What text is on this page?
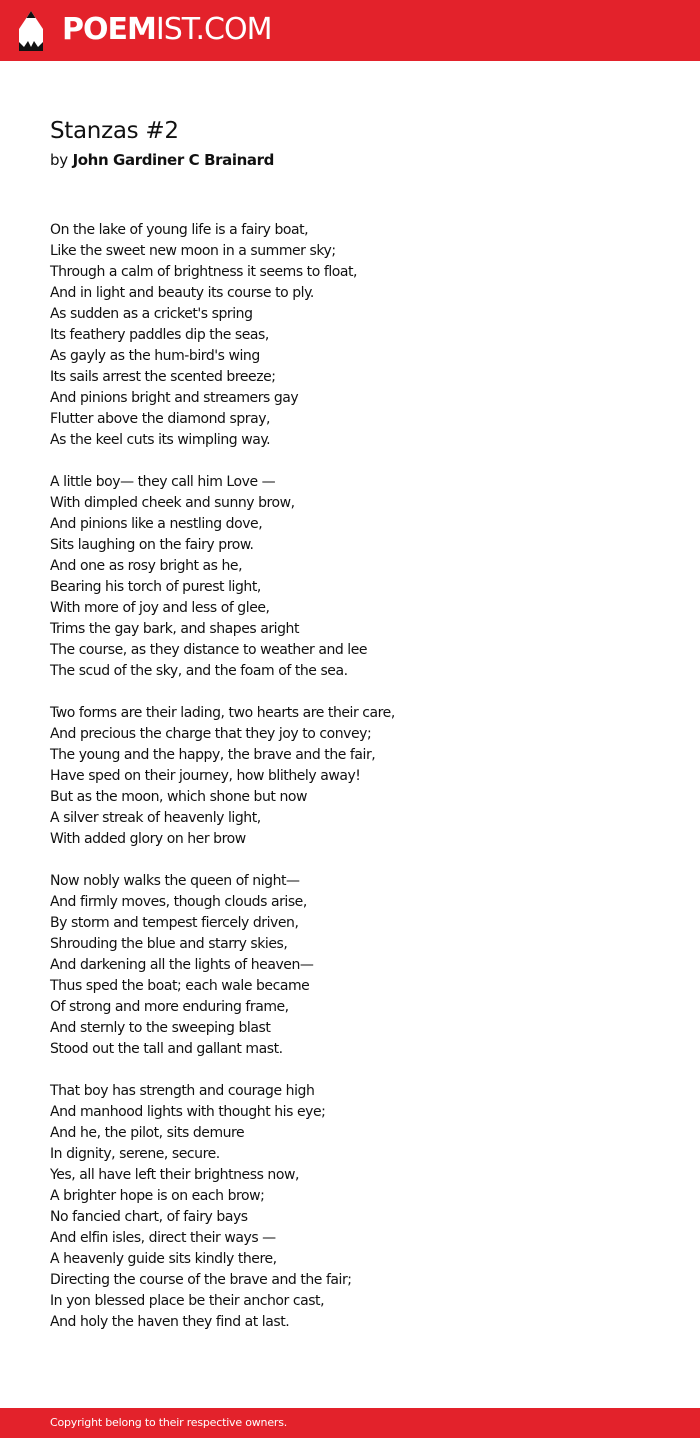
POEMIST.COM
Stanzas #2
by John Gardiner C Brainard
On the lake of young life is a fairy boat,
Like the sweet new moon in a summer sky;
Through a calm of brightness it seems to float,
And in light and beauty its course to ply.
As sudden as a cricket's spring
Its feathery paddles dip the seas,
As gayly as the hum-bird's wing
Its sails arrest the scented breeze;
And pinions bright and streamers gay
Flutter above the diamond spray,
As the keel cuts its wimpling way.
A little boy— they call him Love —
With dimpled cheek and sunny brow,
And pinions like a nestling dove,
Sits laughing on the fairy prow.
And one as rosy bright as he,
Bearing his torch of purest light,
With more of joy and less of glee,
Trims the gay bark, and shapes aright
The course, as they distance to weather and lee
The scud of the sky, and the foam of the sea.
Two forms are their lading, two hearts are their care,
And precious the charge that they joy to convey;
The young and the happy, the brave and the fair,
Have sped on their journey, how blithely away!
But as the moon, which shone but now
A silver streak of heavenly light,
With added glory on her brow
Now nobly walks the queen of night—
And firmly moves, though clouds arise,
By storm and tempest fiercely driven,
Shrouding the blue and starry skies,
And darkening all the lights of heaven—
Thus sped the boat; each wale became
Of strong and more enduring frame,
And sternly to the sweeping blast
Stood out the tall and gallant mast.
That boy has strength and courage high
And manhood lights with thought his eye;
And he, the pilot, sits demure
In dignity, serene, secure.
Yes, all have left their brightness now,
A brighter hope is on each brow;
No fancied chart, of fairy bays
And elfin isles, direct their ways —
A heavenly guide sits kindly there,
Directing the course of the brave and the fair;
In yon blessed place be their anchor cast,
And holy the haven they find at last.
Copyright belong to their respective owners.
